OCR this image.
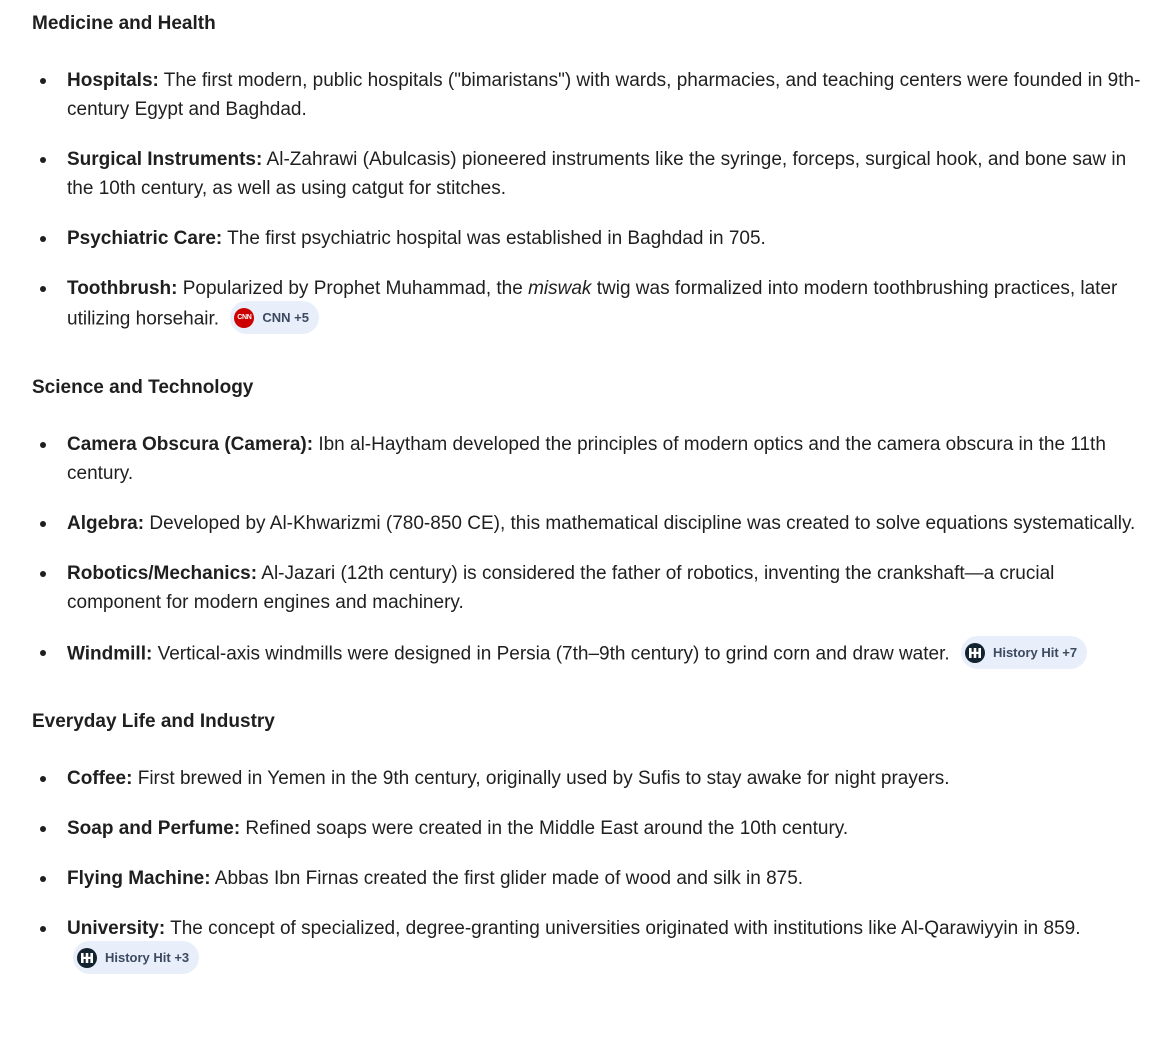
Medicine and Health
Hospitals: The first modern, public hospitals ("bimaristans") with wards, pharmacies, and teaching centers were founded in 9th-century Egypt and Baghdad.
Surgical Instruments: Al-Zahrawi (Abulcasis) pioneered instruments like the syringe, forceps, surgical hook, and bone saw in the 10th century, as well as using catgut for stitches.
Psychiatric Care: The first psychiatric hospital was established in Baghdad in 705.
Toothbrush: Popularized by Prophet Muhammad, the miswak twig was formalized into modern toothbrushing practices, later utilizing horsehair.	CNN CNN +5
Science and Technology
Camera Obscura (Camera): Ibn al-Haytham developed the principles of modern optics and the camera obscura in the 11th century.
Algebra: Developed by Al-Khwarizmi (780-850 CE), this mathematical discipline was created to solve equations systematically.
Robotics/Mechanics: Al-Jazari (12th century) is considered the father of robotics, inventing the crankshaft—a crucial component for modern engines and machinery.
Windmill: Vertical-axis windmills were designed in Persia (7th–9th century) to grind corn and draw water.	History Hit +7
Everyday Life and Industry
Coffee: First brewed in Yemen in the 9th century, originally used by Sufis to stay awake for night prayers.
Soap and Perfume: Refined soaps were created in the Middle East around the 10th century.
Flying Machine: Abbas Ibn Firnas created the first glider made of wood and silk in 875.
University: The concept of specialized, degree-granting universities originated with institutions like Al-Qarawiyyin in 859.
History Hit +3
